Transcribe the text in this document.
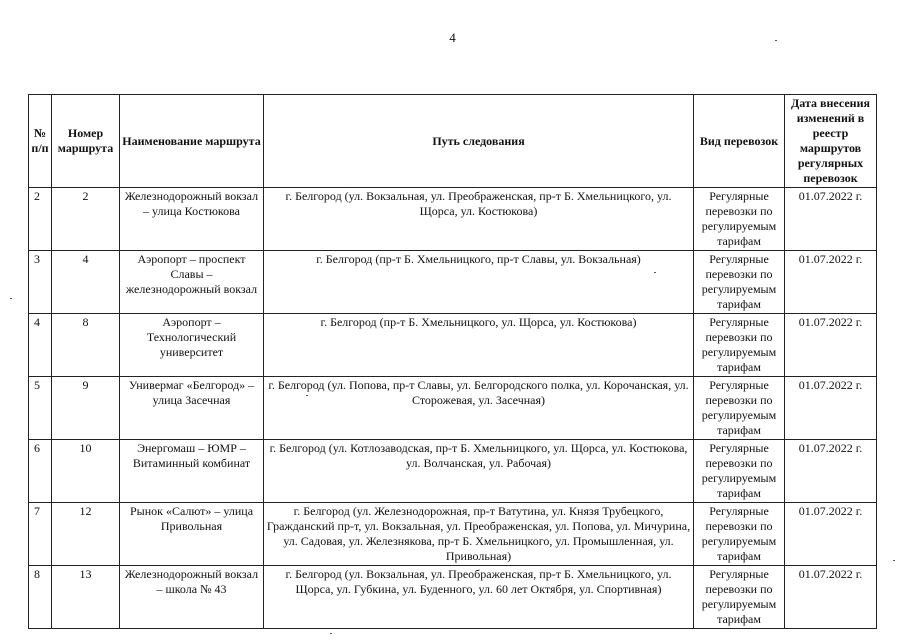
4
№ п/п	Номер маршрута	Наименование маршрута	Путь следования	Вид перевозок	Дата внесения изменений в реестр маршрутов регулярных перевозок
2	2	Железнодорожный вокзал – улица Костюкова	г. Белгород (ул. Вокзальная, ул. Преображенская, пр-т Б. Хмельницкого, ул. Щорса, ул. Костюкова)	Регулярные перевозки по регулируемым тарифам	01.07.2022 г.
3	4	Аэропорт – проспект Славы – железнодорожный вокзал	г. Белгород (пр-т Б. Хмельницкого, пр-т Славы, ул. Вокзальная)	Регулярные перевозки по регулируемым тарифам	01.07.2022 г.
4	8	Аэропорт – Технологический университет	г. Белгород (пр-т Б. Хмельницкого, ул. Щорса, ул. Костюкова)	Регулярные перевозки по регулируемым тарифам	01.07.2022 г.
5	9	Универмаг «Белгород» – улица Засечная	г. Белгород (ул. Попова, пр-т Славы, ул. Белгородского полка, ул. Корочанская, ул. Сторожевая, ул. Засечная)	Регулярные перевозки по регулируемым тарифам	01.07.2022 г.
6	10	Энергомаш – ЮМР – Витаминный комбинат	г. Белгород (ул. Котлозаводская, пр-т Б. Хмельницкого, ул. Щорса, ул. Костюкова, ул. Волчанская, ул. Рабочая)	Регулярные перевозки по регулируемым тарифам	01.07.2022 г.
7	12	Рынок «Салют» – улица Привольная	г. Белгород (ул. Железнодорожная, пр-т Ватутина, ул. Князя Трубецкого, Гражданский пр-т, ул. Вокзальная, ул. Преображенская, ул. Попова, ул. Мичурина, ул. Садовая, ул. Железнякова, пр-т Б. Хмельницкого, ул. Промышленная, ул. Привольная)	Регулярные перевозки по регулируемым тарифам	01.07.2022 г.
8	13	Железнодорожный вокзал – школа № 43	г. Белгород (ул. Вокзальная, ул. Преображенская, пр-т Б. Хмельницкого, ул. Щорса, ул. Губкина, ул. Буденного, ул. 60 лет Октября, ул. Спортивная)	Регулярные перевозки по регулируемым тарифам	01.07.2022 г.
